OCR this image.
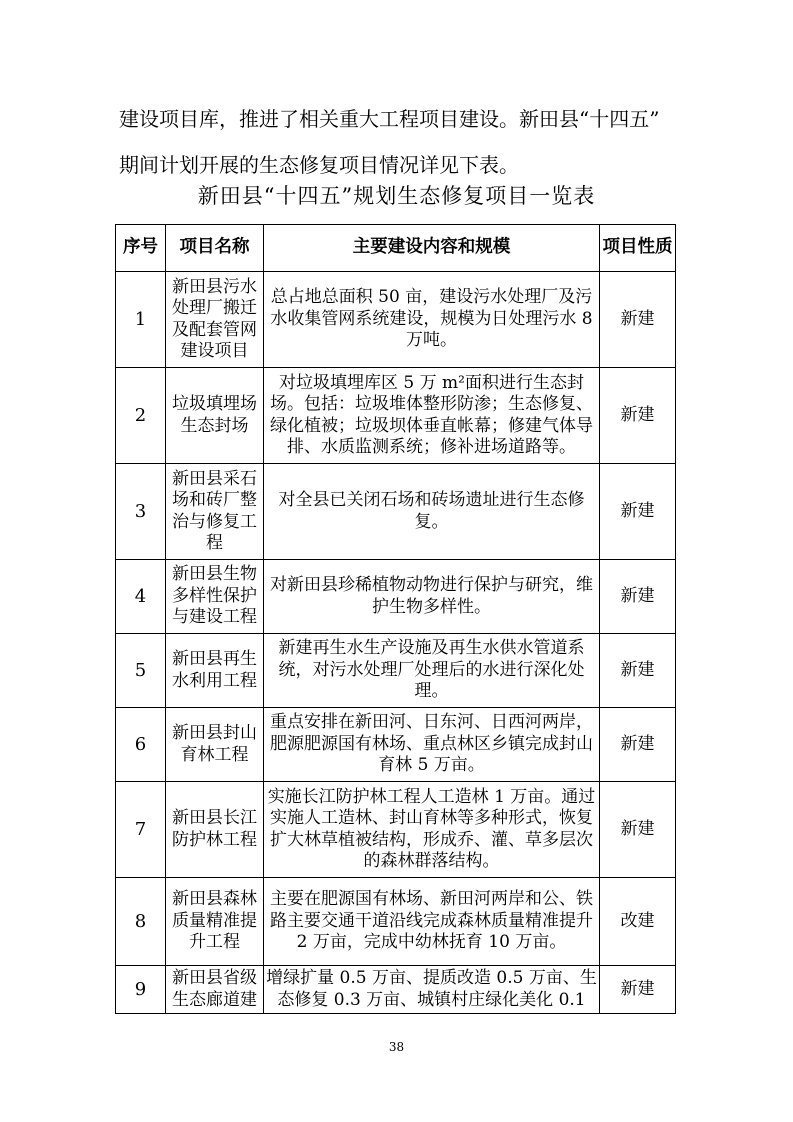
建设项目库，推进了相关重大工程项目建设。新田县“十四五”
期间计划开展的生态修复项目情况详见下表。

新田县“十四五”规划生态修复项目一览表

序号	项目名称	主要建设内容和规模	项目性质
1	新田县污水处理厂搬迁及配套管网建设项目	总占地总面积 50 亩，建设污水处理厂及污水收集管网系统建设，规模为日处理污水 8 万吨。	新建
2	垃圾填埋场生态封场	对垃圾填埋库区 5 万 m²面积进行生态封场。包括：垃圾堆体整形防渗；生态修复、绿化植被；垃圾坝体垂直帐幕；修建气体导排、水质监测系统；修补进场道路等。	新建
3	新田县采石场和砖厂整治与修复工程	对全县已关闭石场和砖场遗址进行生态修复。	新建
4	新田县生物多样性保护与建设工程	对新田县珍稀植物动物进行保护与研究，维护生物多样性。	新建
5	新田县再生水利用工程	新建再生水生产设施及再生水供水管道系统，对污水处理厂处理后的水进行深化处理。	新建
6	新田县封山育林工程	重点安排在新田河、日东河、日西河两岸，肥源肥源国有林场、重点林区乡镇完成封山育林 5 万亩。	新建
7	新田县长江防护林工程	实施长江防护林工程人工造林 1 万亩。通过实施人工造林、封山育林等多种形式，恢复扩大林草植被结构，形成乔、灌、草多层次的森林群落结构。	新建
8	新田县森林质量精准提升工程	主要在肥源国有林场、新田河两岸和公、铁路主要交通干道沿线完成森林质量精准提升 2 万亩，完成中幼林抚育 10 万亩。	改建
9	新田县省级生态廊道建	增绿扩量 0.5 万亩、提质改造 0.5 万亩、生态修复 0.3 万亩、城镇村庄绿化美化 0.1	新建
38
